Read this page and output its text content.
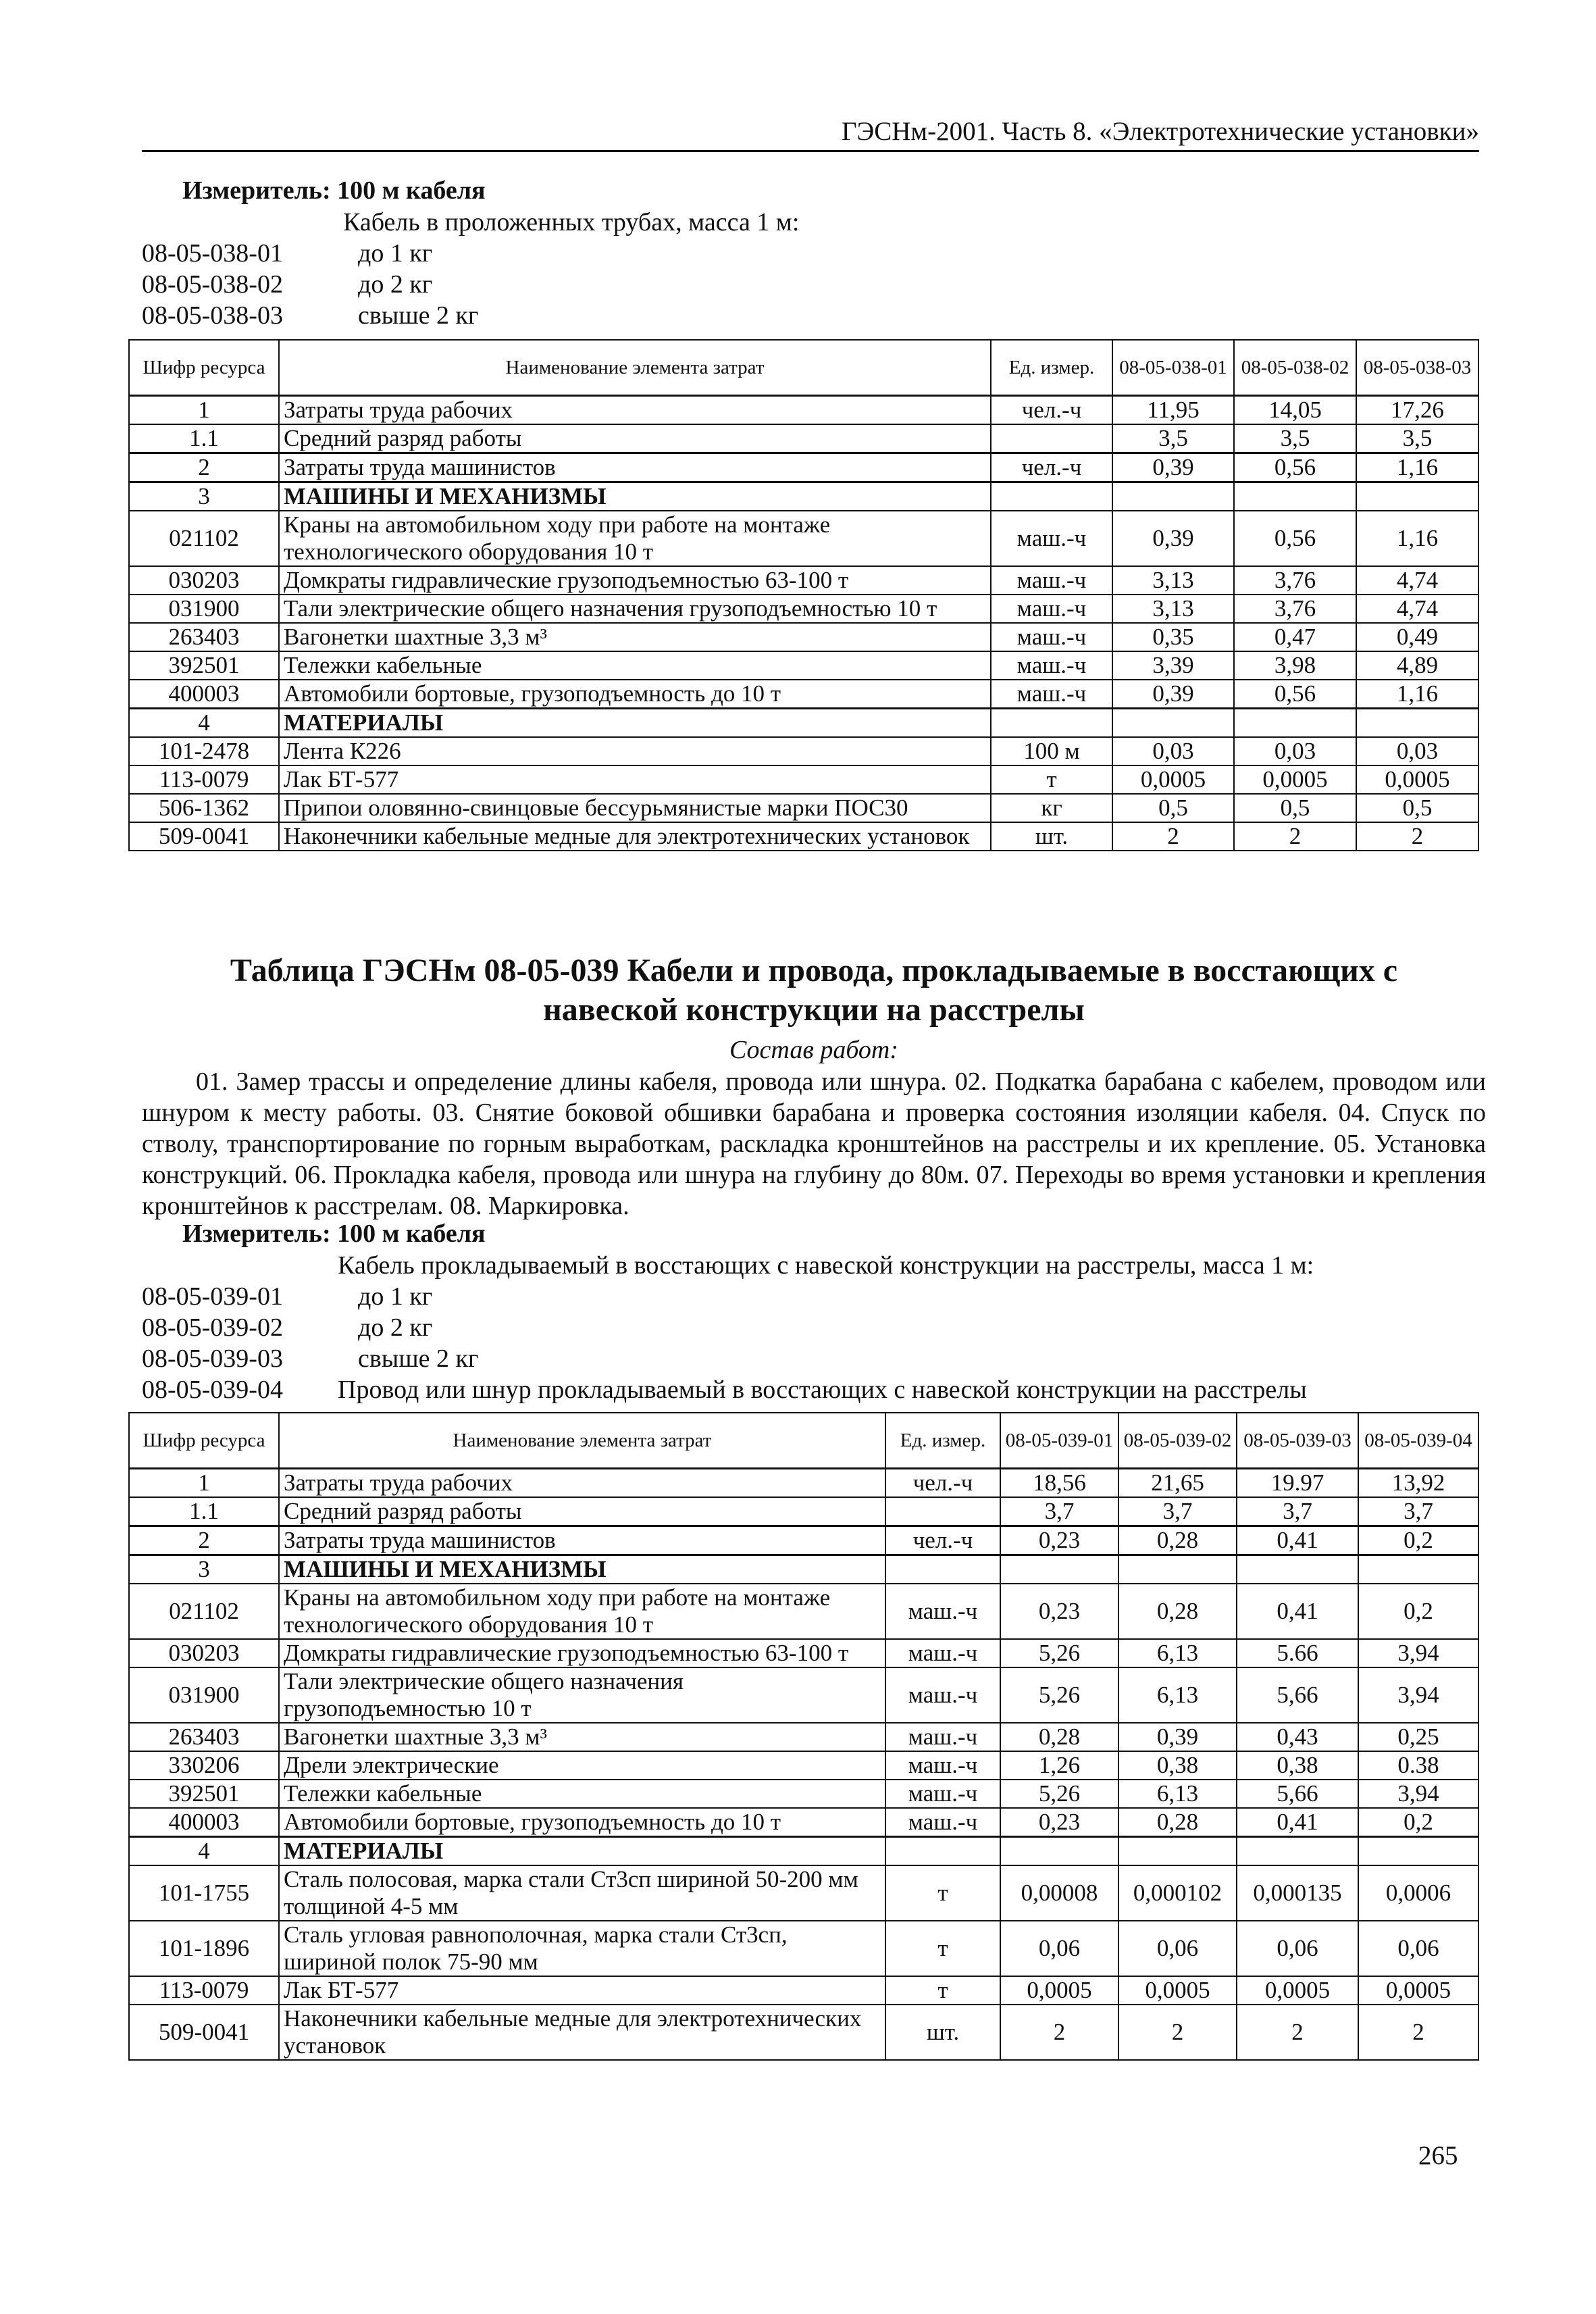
ГЭСНм-2001. Часть 8. «Электротехнические установки»
Измеритель: 100 м кабеля
Кабель в проложенных трубах, масса 1 м:
08-05-038-01	до 1 кг
08-05-038-02	до 2 кг
08-05-038-03	свыше 2 кг
Шифр ресурса	Наименование элемента затрат	Ед. измер.	08-05-038-01	08-05-038-02	08-05-038-03
1	Затраты труда рабочих	чел.-ч	11,95	14,05	17,26
1.1	Средний разряд работы		3,5	3,5	3,5
2	Затраты труда машинистов	чел.-ч	0,39	0,56	1,16
3	МАШИНЫ И МЕХАНИЗМЫ				
021102	Краны на автомобильном ходу при работе на монтаже технологического оборудования 10 т	маш.-ч	0,39	0,56	1,16
030203	Домкраты гидравлические грузоподъемностью 63-100 т	маш.-ч	3,13	3,76	4,74
031900	Тали электрические общего назначения грузоподъемностью 10 т	маш.-ч	3,13	3,76	4,74
263403	Вагонетки шахтные 3,3 м³	маш.-ч	0,35	0,47	0,49
392501	Тележки кабельные	маш.-ч	3,39	3,98	4,89
400003	Автомобили бортовые, грузоподъемность до 10 т	маш.-ч	0,39	0,56	1,16
4	МАТЕРИАЛЫ				
101-2478	Лента К226	100 м	0,03	0,03	0,03
113-0079	Лак БТ-577	т	0,0005	0,0005	0,0005
506-1362	Припои оловянно-свинцовые бессурьмянистые марки ПОС30	кг	0,5	0,5	0,5
509-0041	Наконечники кабельные медные для электротехнических установок	шт.	2	2	2
Таблица ГЭСНм 08-05-039 Кабели и провода, прокладываемые в восстающих с
навеской конструкции на расстрелы
Состав работ:
01. Замер трассы и определение длины кабеля, провода или шнура. 02. Подкатка барабана с кабелем, проводом или шнуром к месту работы. 03. Снятие боковой обшивки барабана и проверка состояния изоляции кабеля. 04. Спуск по стволу, транспортирование по горным выработкам, раскладка кронштейнов на расстрелы и их крепление. 05. Установка конструкций. 06. Прокладка кабеля, провода или шнура на глубину до 80м. 07. Переходы во время установки и крепления кронштейнов к расстрелам. 08. Маркировка.
Измеритель: 100 м кабеля
Кабель прокладываемый в восстающих с навеской конструкции на расстрелы, масса 1 м:
08-05-039-01	до 1 кг
08-05-039-02	до 2 кг
08-05-039-03	свыше 2 кг
08-05-039-04	Провод или шнур прокладываемый в восстающих с навеской конструкции на расстрелы
Шифр ресурса	Наименование элемента затрат	Ед. измер.	08-05-039-01	08-05-039-02	08-05-039-03	08-05-039-04
1	Затраты труда рабочих	чел.-ч	18,56	21,65	19.97	13,92
1.1	Средний разряд работы		3,7	3,7	3,7	3,7
2	Затраты труда машинистов	чел.-ч	0,23	0,28	0,41	0,2
3	МАШИНЫ И МЕХАНИЗМЫ					
021102	Краны на автомобильном ходу при работе на монтаже технологического оборудования 10 т	маш.-ч	0,23	0,28	0,41	0,2
030203	Домкраты гидравлические грузоподъемностью 63-100 т	маш.-ч	5,26	6,13	5.66	3,94
031900	Тали электрические общего назначения грузоподъемностью 10 т	маш.-ч	5,26	6,13	5,66	3,94
263403	Вагонетки шахтные 3,3 м³	маш.-ч	0,28	0,39	0,43	0,25
330206	Дрели электрические	маш.-ч	1,26	0,38	0,38	0.38
392501	Тележки кабельные	маш.-ч	5,26	6,13	5,66	3,94
400003	Автомобили бортовые, грузоподъемность до 10 т	маш.-ч	0,23	0,28	0,41	0,2
4	МАТЕРИАЛЫ					
101-1755	Сталь полосовая, марка стали Ст3сп шириной 50-200 мм толщиной 4-5 мм	т	0,00008	0,000102	0,000135	0,0006
101-1896	Сталь угловая равнополочная, марка стали Ст3сп, шириной полок 75-90 мм	т	0,06	0,06	0,06	0,06
113-0079	Лак БТ-577	т	0,0005	0,0005	0,0005	0,0005
509-0041	Наконечники кабельные медные для электротехнических установок	шт.	2	2	2	2
265
